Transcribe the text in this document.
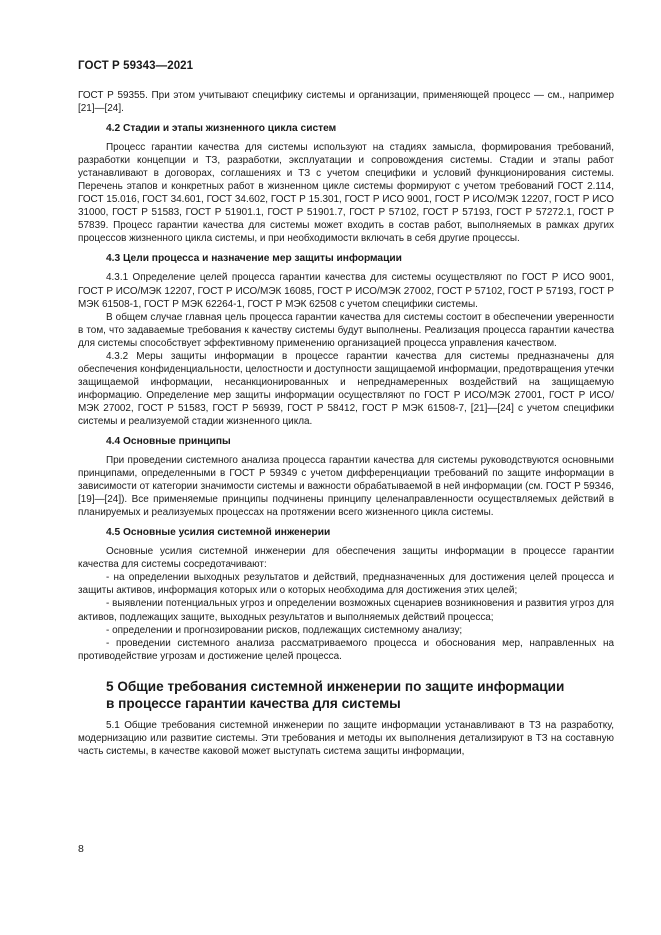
ГОСТ Р 59343—2021

ГОСТ Р 59355. При этом учитывают специфику системы и организации, применяющей процесс — см., например [21]—[24].

4.2 Стадии и этапы жизненного цикла систем

Процесс гарантии качества для системы используют на стадиях замысла, формирования требований, разработки концепции и ТЗ, разработки, эксплуатации и сопровождения системы. Стадии и этапы работ устанавливают в договорах, соглашениях и ТЗ с учетом специфики и условий функционирования системы. Перечень этапов и конкретных работ в жизненном цикле системы формируют с учетом требований ГОСТ 2.114, ГОСТ 15.016, ГОСТ 34.601, ГОСТ 34.602, ГОСТ Р 15.301, ГОСТ Р ИСО 9001, ГОСТ Р ИСО/МЭК 12207, ГОСТ Р ИСО 31000, ГОСТ Р 51583, ГОСТ Р 51901.1, ГОСТ Р 51901.7, ГОСТ Р 57102, ГОСТ Р 57193, ГОСТ Р 57272.1, ГОСТ Р 57839. Процесс гарантии качества для системы может входить в состав работ, выполняемых в рамках других процессов жизненного цикла системы, и при необходимости включать в себя другие процессы.

4.3 Цели процесса и назначение мер защиты информации

4.3.1 Определение целей процесса гарантии качества для системы осуществляют по ГОСТ Р ИСО 9001, ГОСТ Р ИСО/МЭК 12207, ГОСТ Р ИСО/МЭК 16085, ГОСТ Р ИСО/МЭК 27002, ГОСТ Р 57102, ГОСТ Р 57193, ГОСТ Р МЭК 61508-1, ГОСТ Р МЭК 62264-1, ГОСТ Р МЭК 62508 с учетом специфики системы.

В общем случае главная цель процесса гарантии качества для системы состоит в обеспечении уверенности в том, что задаваемые требования к качеству системы будут выполнены. Реализация процесса гарантии качества для системы способствует эффективному применению организацией процесса управления качеством.

4.3.2 Меры защиты информации в процессе гарантии качества для системы предназначены для обеспечения конфиденциальности, целостности и доступности защищаемой информации, предотвращения утечки защищаемой информации, несанкционированных и непреднамеренных воздействий на защищаемую информацию. Определение мер защиты информации осуществляют по ГОСТ Р ИСО/МЭК 27001, ГОСТ Р ИСО/МЭК 27002, ГОСТ Р 51583, ГОСТ Р 56939, ГОСТ Р 58412, ГОСТ Р МЭК 61508-7, [21]—[24] с учетом специфики системы и реализуемой стадии жизненного цикла.

4.4 Основные принципы

При проведении системного анализа процесса гарантии качества для системы руководствуются основными принципами, определенными в ГОСТ Р 59349 с учетом дифференциации требований по защите информации в зависимости от категории значимости системы и важности обрабатываемой в ней информации (см. ГОСТ Р 59346, [19]—[24]). Все применяемые принципы подчинены принципу целенаправленности осуществляемых действий в планируемых и реализуемых процессах на протяжении всего жизненного цикла системы.

4.5 Основные усилия системной инженерии

Основные усилия системной инженерии для обеспечения защиты информации в процессе гарантии качества для системы сосредотачивают:

- на определении выходных результатов и действий, предназначенных для достижения целей процесса и защиты активов, информация которых или о которых необходима для достижения этих целей;
- выявлении потенциальных угроз и определении возможных сценариев возникновения и развития угроз для активов, подлежащих защите, выходных результатов и выполняемых действий процесса;
- определении и прогнозировании рисков, подлежащих системному анализу;
- проведении системного анализа рассматриваемого процесса и обоснования мер, направленных на противодействие угрозам и достижение целей процесса.
5 Общие требования системной инженерии по защите информации
в процессе гарантии качества для системы

5.1 Общие требования системной инженерии по защите информации устанавливают в ТЗ на разработку, модернизацию или развитие системы. Эти требования и методы их выполнения детализируют в ТЗ на составную часть системы, в качестве каковой может выступать система защиты информации,

8
